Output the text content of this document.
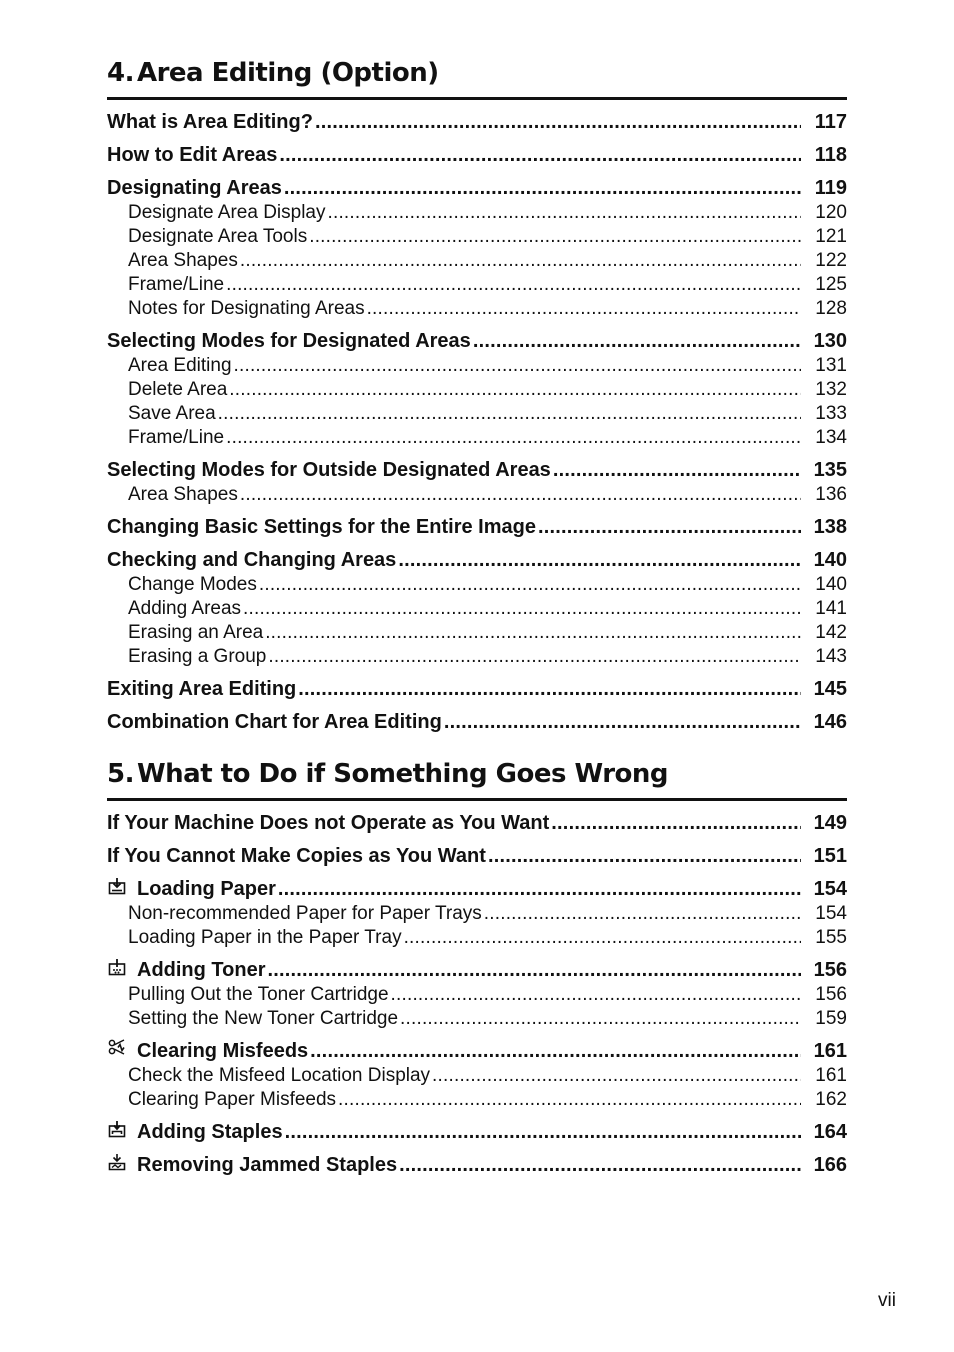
4. Area Editing (Option)
What is Area Editing? .....	117
How to Edit Areas .....	118
Designating Areas .....	119
Designate Area Display .....	120
Designate Area Tools .....	121
Area Shapes .....	122
Frame/Line .....	125
Notes for Designating Areas .....	128
Selecting Modes for Designated Areas .....	130
Area Editing .....	131
Delete Area .....	132
Save Area .....	133
Frame/Line .....	134
Selecting Modes for Outside Designated Areas .....	135
Area Shapes .....	136
Changing Basic Settings for the Entire Image .....	138
Checking and Changing Areas .....	140
Change Modes .....	140
Adding Areas .....	141
Erasing an Area .....	142
Erasing a Group .....	143
Exiting Area Editing .....	145
Combination Chart for Area Editing .....	146
5. What to Do if Something Goes Wrong
If Your Machine Does not Operate as You Want .....	149
If You Cannot Make Copies as You Want .....	151
Loading Paper .....	154
Non-recommended Paper for Paper Trays .....	154
Loading Paper in the Paper Tray .....	155
Adding Toner .....	156
Pulling Out the Toner Cartridge .....	156
Setting the New Toner Cartridge .....	159
Clearing Misfeeds .....	161
Check the Misfeed Location Display .....	161
Clearing Paper Misfeeds .....	162
Adding Staples .....	164
Removing Jammed Staples .....	166
vii
